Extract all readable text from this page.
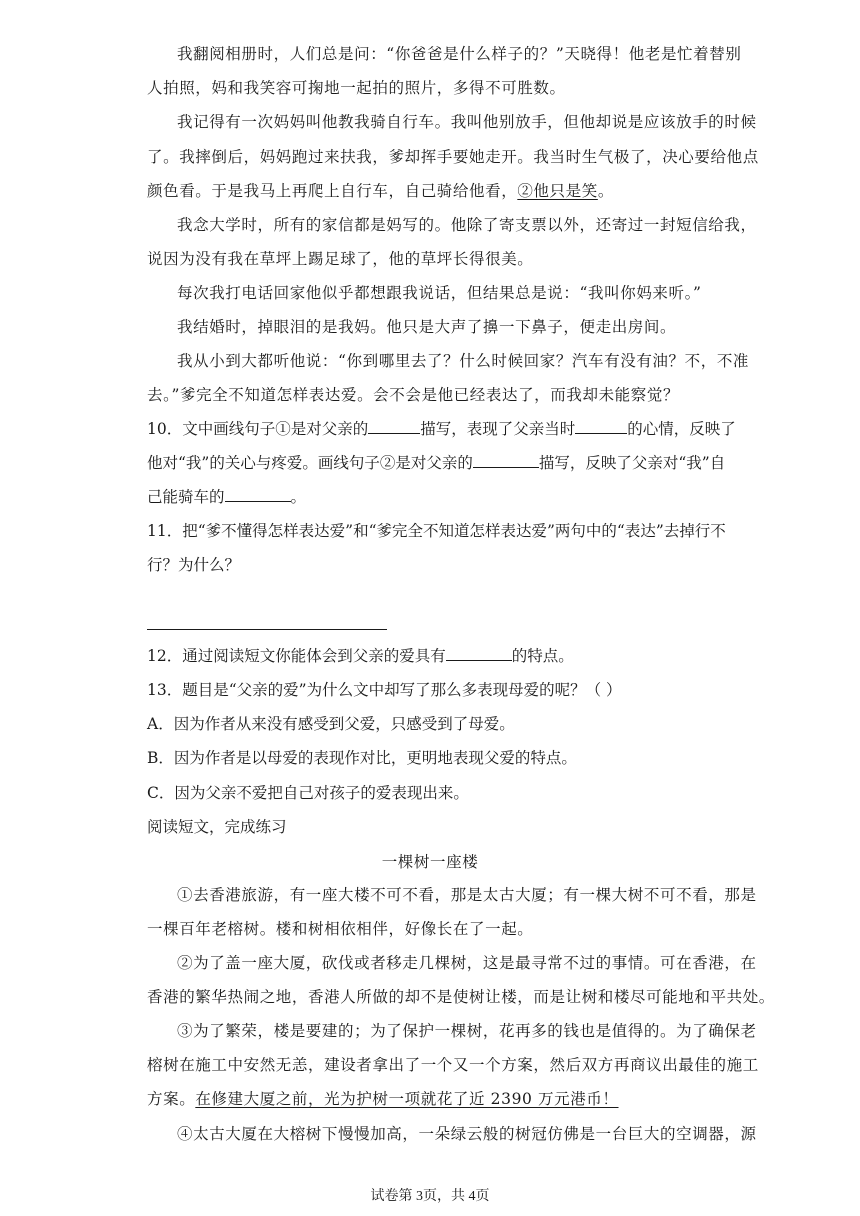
我翻阅相册时，人们总是问：“你爸爸是什么样子的？”天晓得！他老是忙着替别
人拍照，妈和我笑容可掬地一起拍的照片，多得不可胜数。
我记得有一次妈妈叫他教我骑自行车。我叫他别放手，但他却说是应该放手的时候
了。我摔倒后，妈妈跑过来扶我，爹却挥手要她走开。我当时生气极了，决心要给他点
颜色看。于是我马上再爬上自行车，自己骑给他看，②他只是笑。
我念大学时，所有的家信都是妈写的。他除了寄支票以外，还寄过一封短信给我，
说因为没有我在草坪上踢足球了，他的草坪长得很美。
每次我打电话回家他似乎都想跟我说话，但结果总是说：“我叫你妈来听。”
我结婚时，掉眼泪的是我妈。他只是大声了擤一下鼻子，便走出房间。
我从小到大都听他说：“你到哪里去了？什么时候回家？汽车有没有油？不，不准
去。”爹完全不知道怎样表达爱。会不会是他已经表达了，而我却未能察觉？
10．文中画线句子①是对父亲的	描写，表现了父亲当时	的心情，反映了
他对“我”的关心与疼爱。画线句子②是对父亲的	描写，反映了父亲对“我”自
己能骑车的	。
11．把“爹不懂得怎样表达爱”和“爹完全不知道怎样表达爱”两句中的“表达”去掉行不
行？为什么？
12．通过阅读短文你能体会到父亲的爱具有	的特点。
13．题目是“父亲的爱”为什么文中却写了那么多表现母爱的呢？（ ）
A．因为作者从来没有感受到父爱，只感受到了母爱。
B．因为作者是以母爱的表现作对比，更明地表现父爱的特点。
C．因为父亲不爱把自己对孩子的爱表现出来。
阅读短文，完成练习
一棵树一座楼
①去香港旅游，有一座大楼不可不看，那是太古大厦；有一棵大树不可不看，那是
一棵百年老榕树。楼和树相依相伴，好像长在了一起。
②为了盖一座大厦，砍伐或者移走几棵树，这是最寻常不过的事情。可在香港，在
香港的繁华热闹之地，香港人所做的却不是使树让楼，而是让树和楼尽可能地和平共处。
③为了繁荣，楼是要建的；为了保护一棵树，花再多的钱也是值得的。为了确保老
榕树在施工中安然无恙，建设者拿出了一个又一个方案，然后双方再商议出最佳的施工
方案。在修建大厦之前，光为护树一项就花了近 2390 万元港币！
④太古大厦在大榕树下慢慢加高，一朵绿云般的树冠仿佛是一台巨大的空调器，源
试卷第 3页，共 4页
